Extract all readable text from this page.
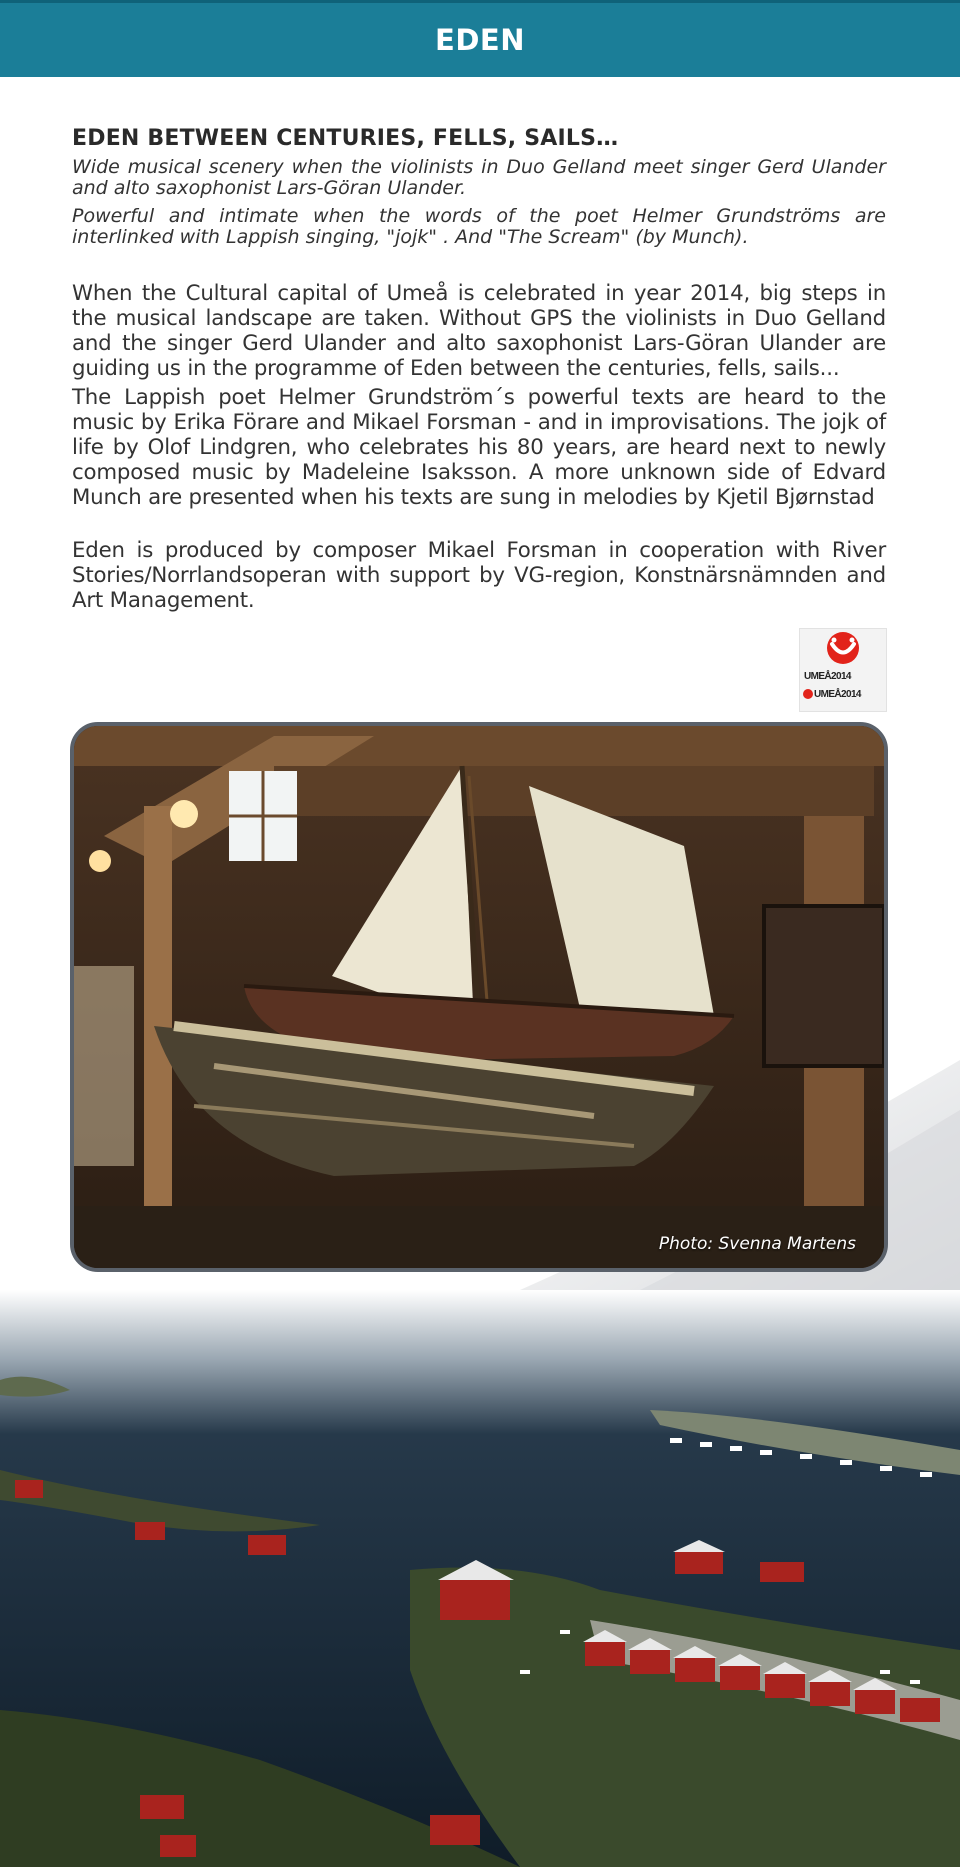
EDEN
EDEN BETWEEN CENTURIES, FELLS, SAILS…

Wide musical scenery when the violinists in Duo Gelland meet singer Gerd Ulander and alto saxophonist Lars-Göran Ulander.

Powerful and intimate when the words of the poet Helmer Grundströms are interlinked with Lappish singing, "jojk" . And "The Scream" (by Munch).

When the Cultural capital of Umeå is celebrated in year 2014, big steps in the musical landscape are taken. Without GPS the violinists in Duo Gelland and the singer Gerd Ulander and alto saxophonist Lars-Göran Ulander are guiding us in the programme of Eden between the centuries, fells, sails...

The Lappish poet Helmer Grundström´s powerful texts are heard to the music by Erika Förare and Mikael Forsman - and in improvisations. The jojk of life by Olof Lindgren, who celebrates his 80 years, are heard next to newly composed music by Madeleine Isaksson. A more unknown side of Edvard Munch are presented when his texts are sung in melodies by Kjetil Bjørnstad

Eden is produced by composer Mikael Forsman in cooperation with River Stories/Norrlandsoperan with support by VG-region, Konstnärsnämnden and Art Management.

UMEÅ2014
UMEÅ2014
Photo: Svenna Martens
